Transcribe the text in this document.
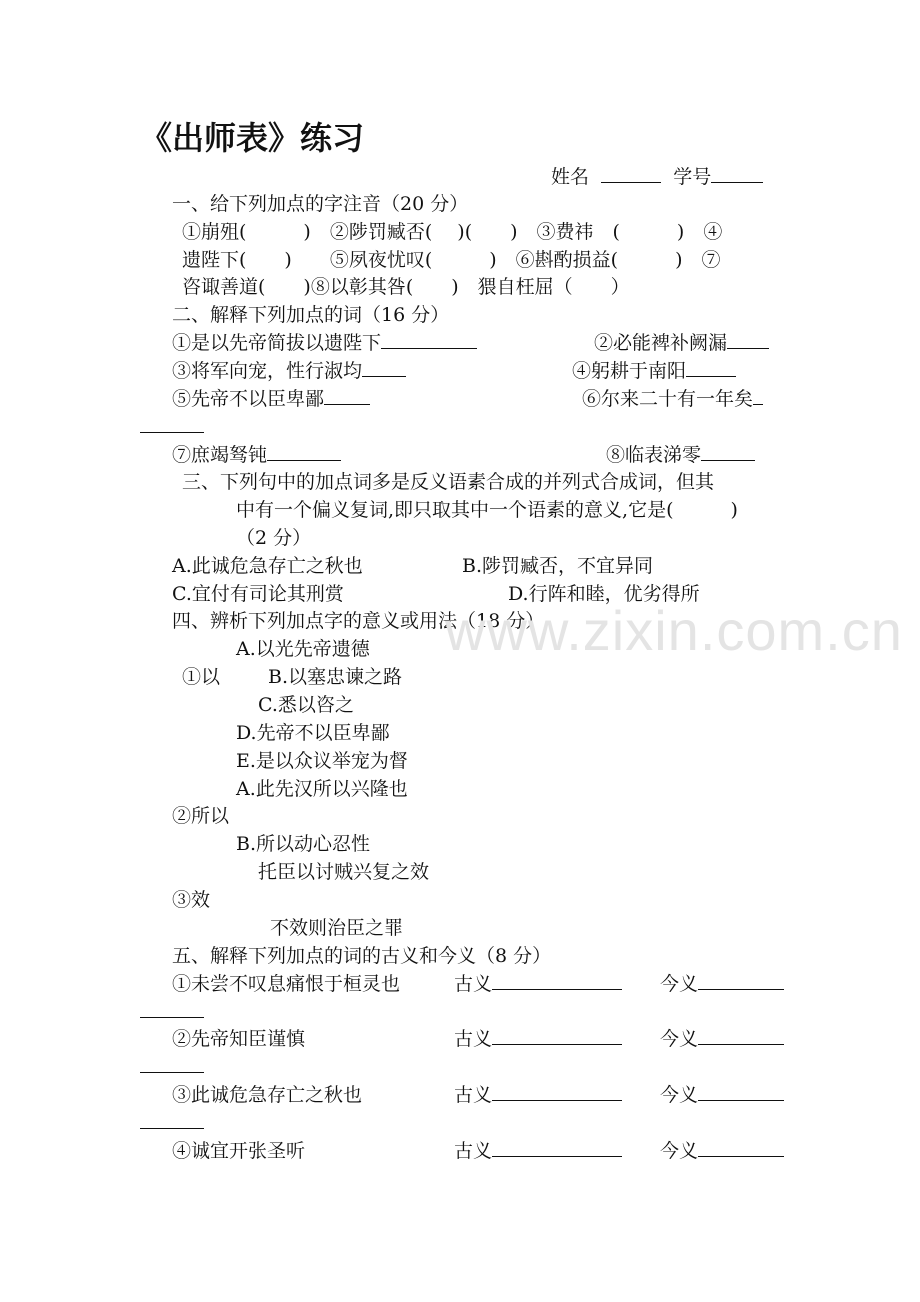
《出师表》练习
姓名	学号
一、给下列加点的字注音（20 分）
①崩殂(　　　)　②陟罚臧否(　 )(　　)　③费祎　(　　　)　④
遗陛下(　　)　　⑤夙夜忧叹(　　　)　⑥斟酌损益(　　　)　⑦
咨诹善道(　　)⑧以彰其咎(　　)　猥自枉屈（　　）
二、解释下列加点的词（16 分）
①是以先帝简拔以遗陛下	②必能裨补阙漏
③将军向宠，性行淑均	④躬耕于南阳
⑤先帝不以臣卑鄙	⑥尔来二十有一年矣
⑦庶竭驽钝	⑧临表涕零
三、下列句中的加点词多是反义语素合成的并列式合成词，但其
中有一个偏义复词,即只取其中一个语素的意义,它是(　　　)
（2 分）
A.此诚危急存亡之秋也	B.陟罚臧否，不宜异同
C.宜付有司论其刑赏	D.行阵和睦，优劣得所
四、辨析下列加点字的意义或用法（18 分）
A.以光先帝遗德
①以	B.以塞忠谏之路
C.悉以咨之
D.先帝不以臣卑鄙
E.是以众议举宠为督
A.此先汉所以兴隆也
②所以
B.所以动心忍性
托臣以讨贼兴复之效
③效
不效则治臣之罪
五、解释下列加点的词的古义和今义（8 分）
①未尝不叹息痛恨于桓灵也	古义	今义
②先帝知臣谨慎	古义	今义
③此诚危急存亡之秋也	古义	今义
④诚宜开张圣听	古义	今义
www.zixin.com.cn
